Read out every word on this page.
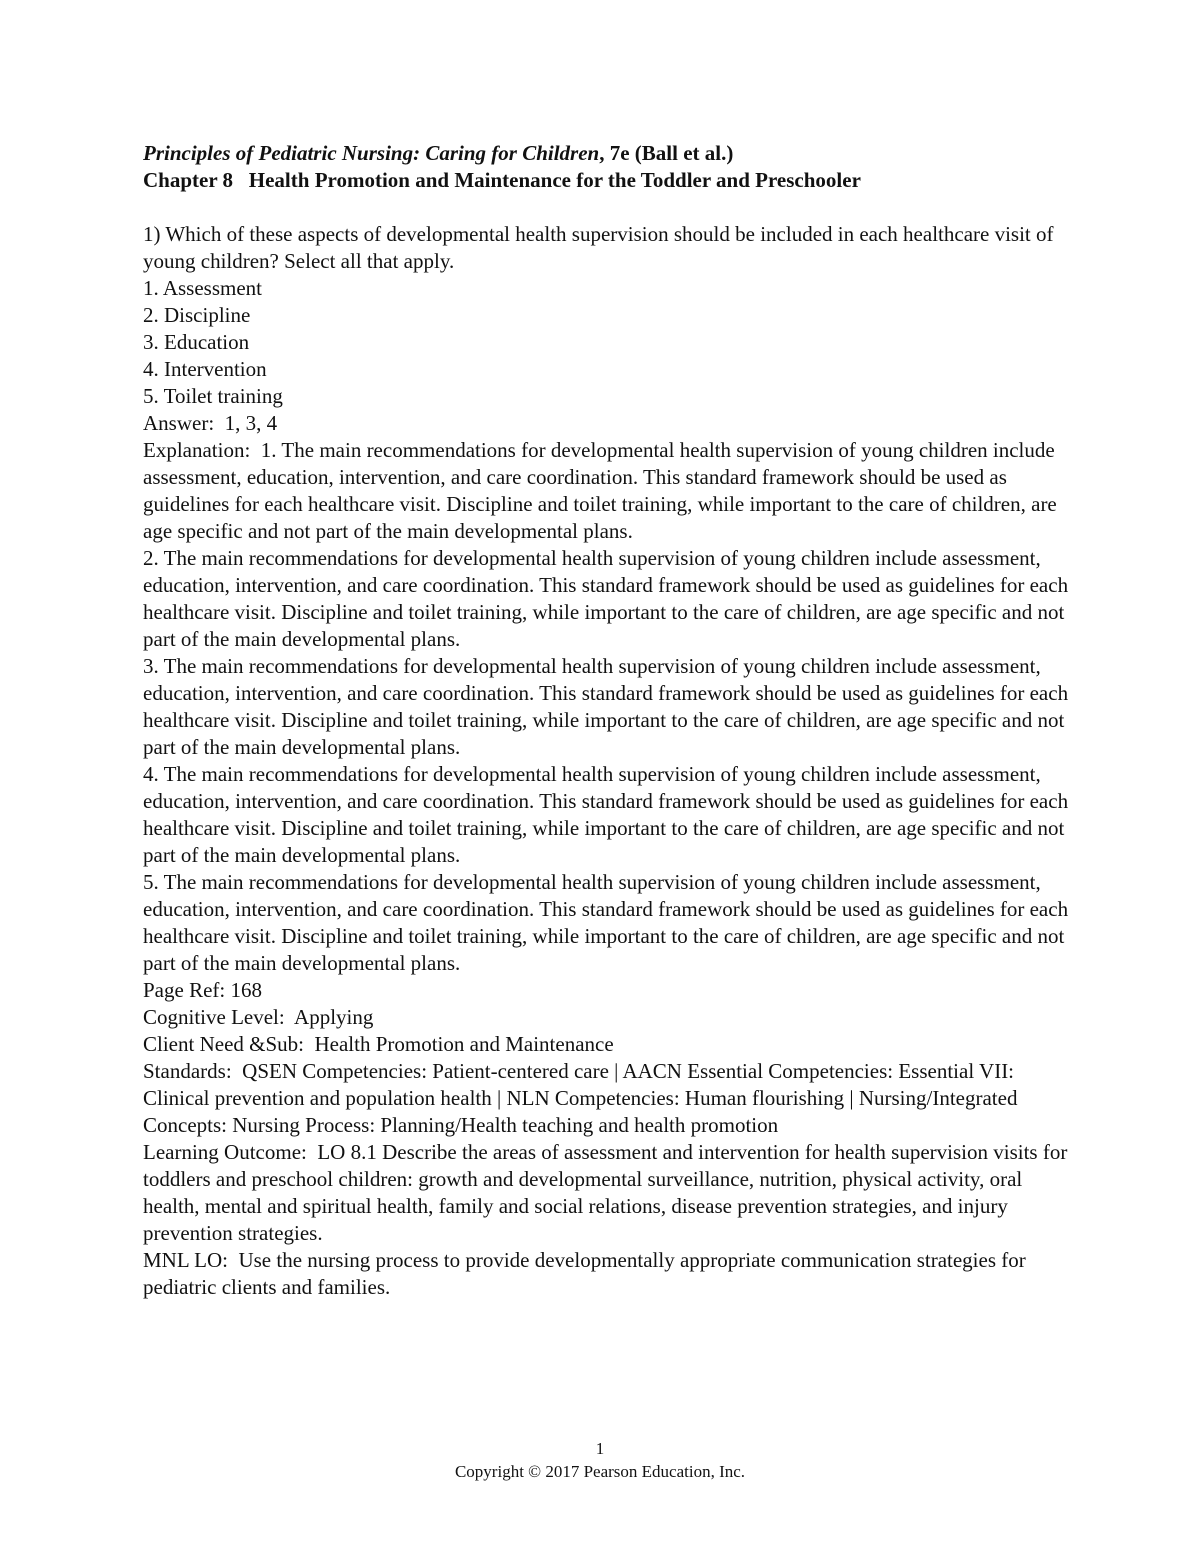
Principles of Pediatric Nursing: Caring for Children, 7e (Ball et al.)
Chapter 8   Health Promotion and Maintenance for the Toddler and Preschooler

1) Which of these aspects of developmental health supervision should be included in each healthcare visit of young children? Select all that apply.

1. Assessment

2. Discipline

3. Education

4. Intervention

5. Toilet training

Answer:  1, 3, 4

Explanation:  1. The main recommendations for developmental health supervision of young children include assessment, education, intervention, and care coordination. This standard framework should be used as guidelines for each healthcare visit. Discipline and toilet training, while important to the care of children, are age specific and not part of the main developmental plans.

2. The main recommendations for developmental health supervision of young children include assessment, education, intervention, and care coordination. This standard framework should be used as guidelines for each healthcare visit. Discipline and toilet training, while important to the care of children, are age specific and not part of the main developmental plans.

3. The main recommendations for developmental health supervision of young children include assessment, education, intervention, and care coordination. This standard framework should be used as guidelines for each healthcare visit. Discipline and toilet training, while important to the care of children, are age specific and not part of the main developmental plans.

4. The main recommendations for developmental health supervision of young children include assessment, education, intervention, and care coordination. This standard framework should be used as guidelines for each healthcare visit. Discipline and toilet training, while important to the care of children, are age specific and not part of the main developmental plans.

5. The main recommendations for developmental health supervision of young children include assessment, education, intervention, and care coordination. This standard framework should be used as guidelines for each healthcare visit. Discipline and toilet training, while important to the care of children, are age specific and not part of the main developmental plans.

Page Ref: 168

Cognitive Level:  Applying

Client Need &Sub:  Health Promotion and Maintenance

Standards:  QSEN Competencies: Patient-centered care | AACN Essential Competencies: Essential VII: Clinical prevention and population health | NLN Competencies: Human flourishing | Nursing/Integrated Concepts: Nursing Process: Planning/Health teaching and health promotion

Learning Outcome:  LO 8.1 Describe the areas of assessment and intervention for health supervision visits for toddlers and preschool children: growth and developmental surveillance, nutrition, physical activity, oral health, mental and spiritual health, family and social relations, disease prevention strategies, and injury prevention strategies.

MNL LO:  Use the nursing process to provide developmentally appropriate communication strategies for pediatric clients and families.

1
Copyright © 2017 Pearson Education, Inc.
